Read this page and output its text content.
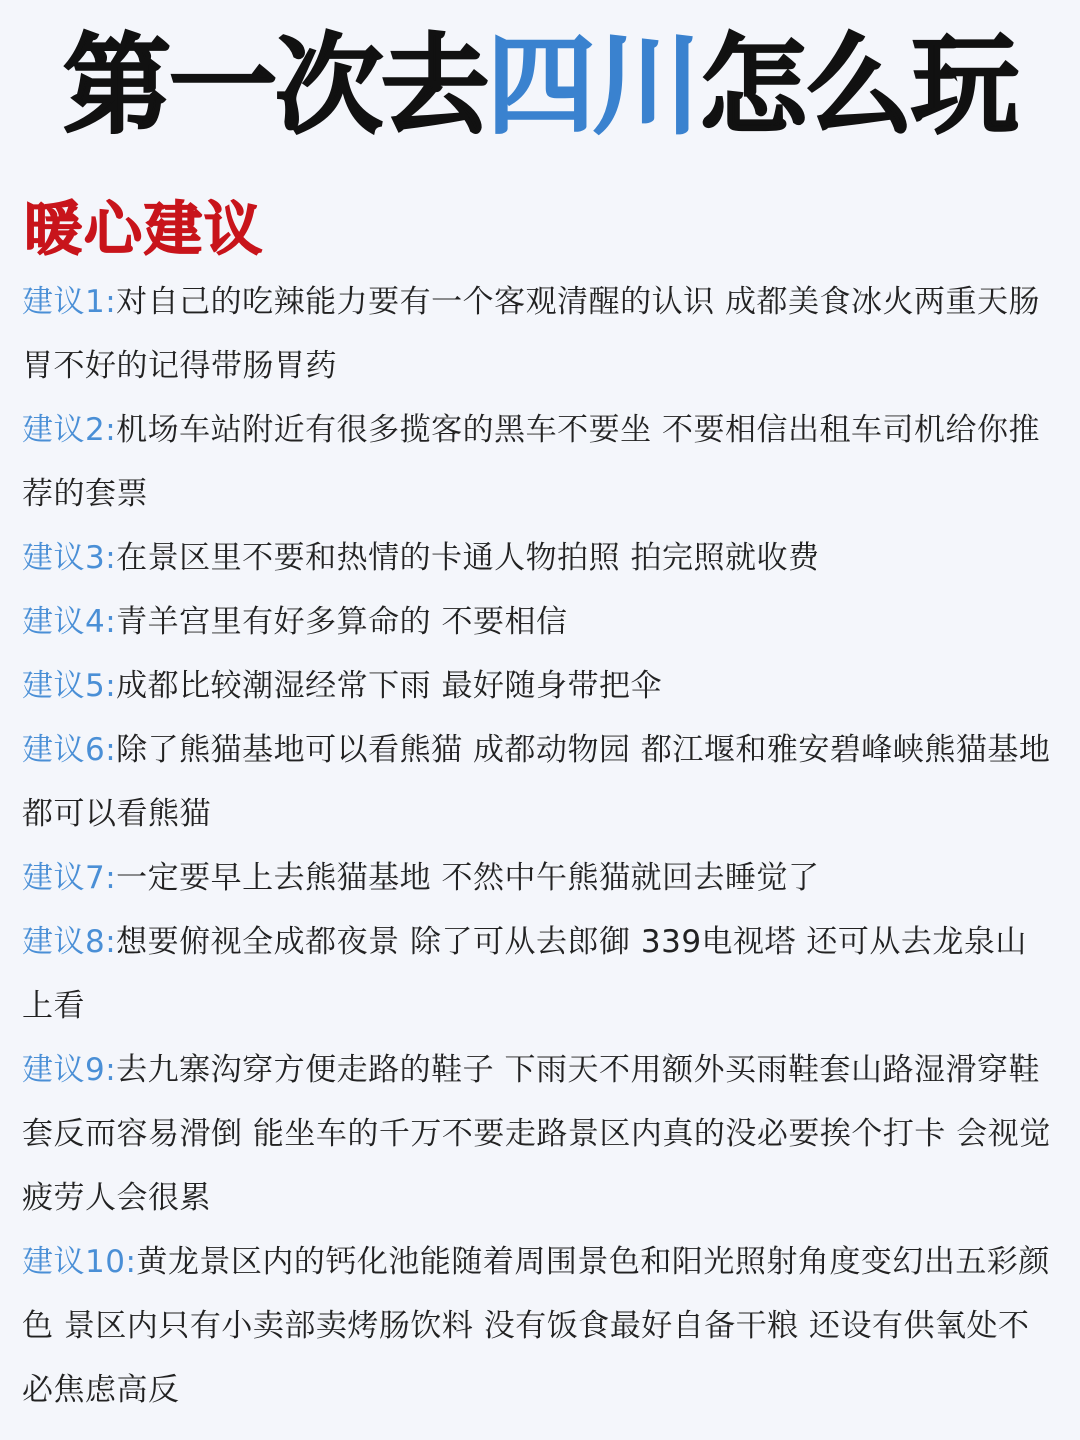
第一次去四川怎么玩
暖心建议
建议1:对自己的吃辣能力要有一个客观清醒的认识 成都美食冰火两重天肠胃不好的记得带肠胃药
建议2:机场车站附近有很多揽客的黑车不要坐 不要相信出租车司机给你推荐的套票
建议3:在景区里不要和热情的卡通人物拍照 拍完照就收费
建议4:青羊宫里有好多算命的 不要相信
建议5:成都比较潮湿经常下雨 最好随身带把伞
建议6:除了熊猫基地可以看熊猫 成都动物园 都江堰和雅安碧峰峡熊猫基地都可以看熊猫
建议7:一定要早上去熊猫基地 不然中午熊猫就回去睡觉了
建议8:想要俯视全成都夜景 除了可从去郎御 339电视塔 还可从去龙泉山上看
建议9:去九寨沟穿方便走路的鞋子 下雨天不用额外买雨鞋套山路湿滑穿鞋套反而容易滑倒 能坐车的千万不要走路景区内真的没必要挨个打卡 会视觉疲劳人会很累
建议10:黄龙景区内的钙化池能随着周围景色和阳光照射角度变幻出五彩颜色 景区内只有小卖部卖烤肠饮料 没有饭食最好自备干粮 还设有供氧处不必焦虑高反
